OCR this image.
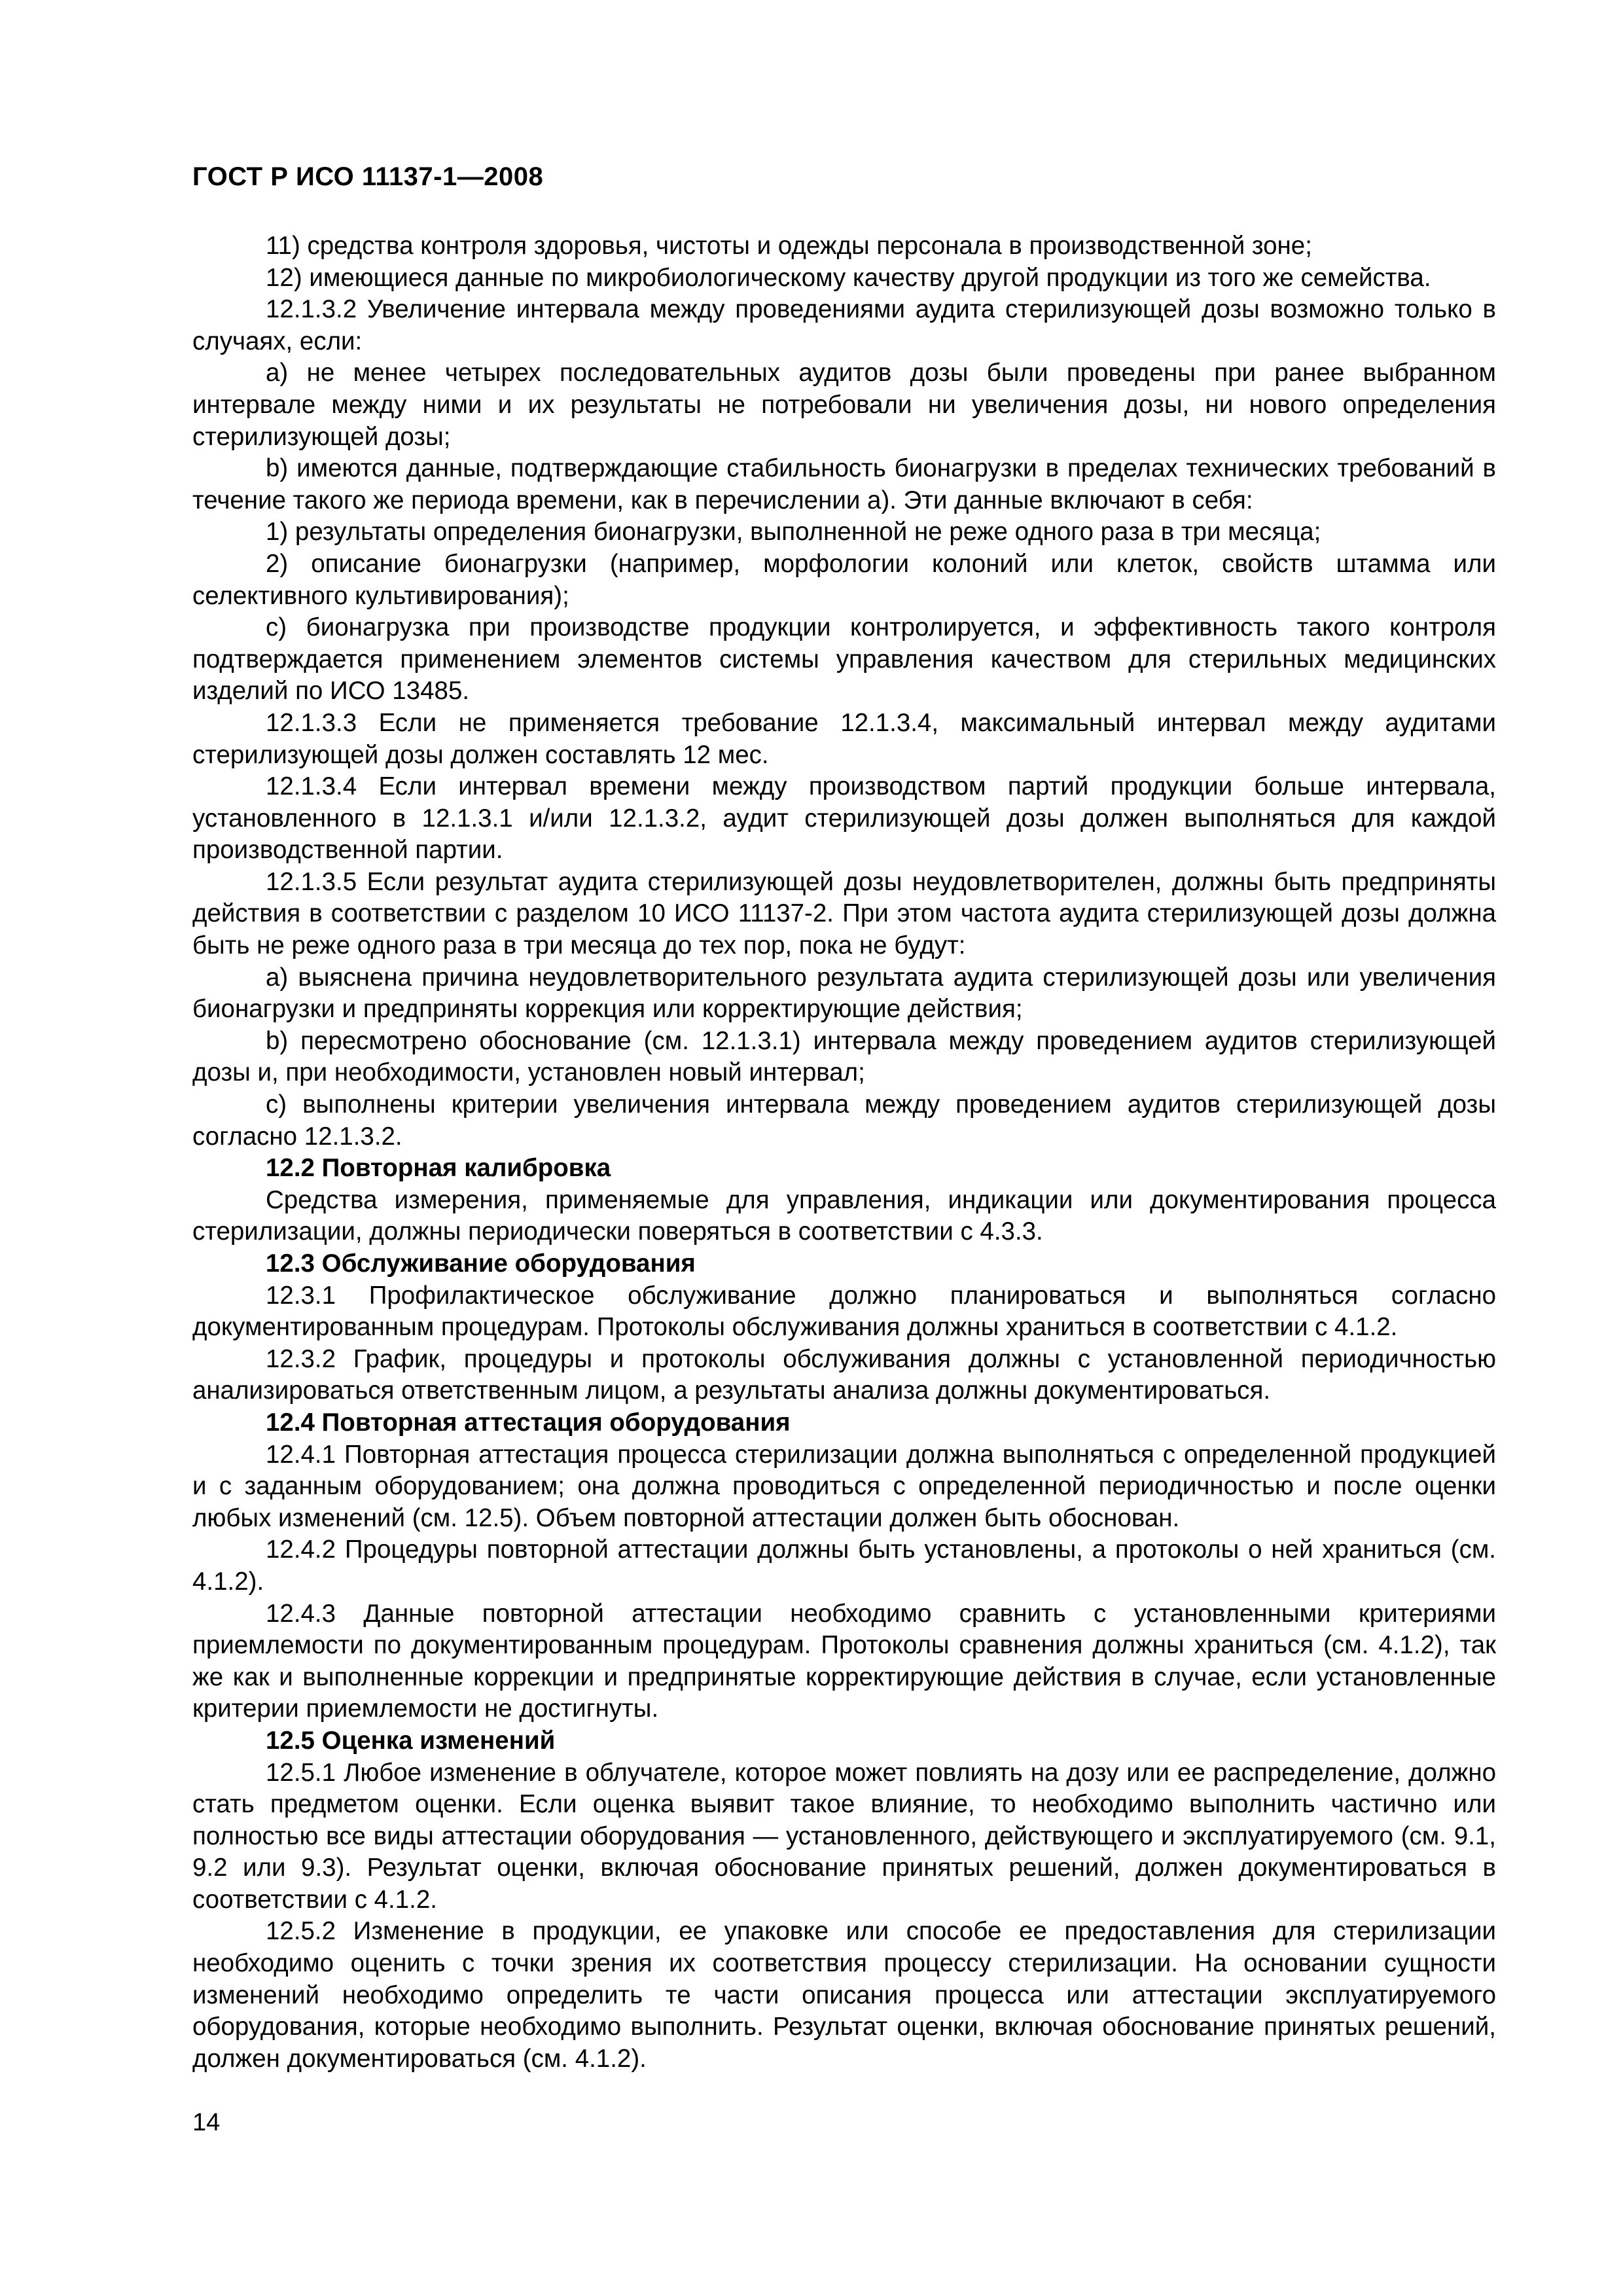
ГОСТ Р ИСО 11137-1—2008

11) средства контроля здоровья, чистоты и одежды персонала в производственной зоне;

12) имеющиеся данные по микробиологическому качеству другой продукции из того же семейства.

12.1.3.2 Увеличение интервала между проведениями аудита стерилизующей дозы возможно только в случаях, если:

a) не менее четырех последовательных аудитов дозы были проведены при ранее выбранном интервале между ними и их результаты не потребовали ни увеличения дозы, ни нового определения стерилизующей дозы;

b) имеются данные, подтверждающие стабильность бионагрузки в пределах технических требований в течение такого же периода времени, как в перечислении а). Эти данные включают в себя:

1) результаты определения бионагрузки, выполненной не реже одного раза в три месяца;

2) описание бионагрузки (например, морфологии колоний или клеток, свойств штамма или селективного культивирования);

c) бионагрузка при производстве продукции контролируется, и эффективность такого контроля подтверждается применением элементов системы управления качеством для стерильных медицинских изделий по ИСО 13485.

12.1.3.3 Если не применяется требование 12.1.3.4, максимальный интервал между аудитами стерилизующей дозы должен составлять 12 мес.

12.1.3.4 Если интервал времени между производством партий продукции больше интервала, установленного в 12.1.3.1 и/или 12.1.3.2, аудит стерилизующей дозы должен выполняться для каждой производственной партии.

12.1.3.5 Если результат аудита стерилизующей дозы неудовлетворителен, должны быть предприняты действия в соответствии с разделом 10 ИСО 11137-2. При этом частота аудита стерилизующей дозы должна быть не реже одного раза в три месяца до тех пор, пока не будут:

a) выяснена причина неудовлетворительного результата аудита стерилизующей дозы или увеличения бионагрузки и предприняты коррекция или корректирующие действия;

b) пересмотрено обоснование (см. 12.1.3.1) интервала между проведением аудитов стерилизующей дозы и, при необходимости, установлен новый интервал;

c) выполнены критерии увеличения интервала между проведением аудитов стерилизующей дозы согласно 12.1.3.2.

12.2 Повторная калибровка

Средства измерения, применяемые для управления, индикации или документирования процесса стерилизации, должны периодически поверяться в соответствии с 4.3.3.

12.3 Обслуживание оборудования

12.3.1 Профилактическое обслуживание должно планироваться и выполняться согласно документированным процедурам. Протоколы обслуживания должны храниться в соответствии с 4.1.2.

12.3.2 График, процедуры и протоколы обслуживания должны с установленной периодичностью анализироваться ответственным лицом, а результаты анализа должны документироваться.

12.4 Повторная аттестация оборудования

12.4.1 Повторная аттестация процесса стерилизации должна выполняться с определенной продукцией и с заданным оборудованием; она должна проводиться с определенной периодичностью и после оценки любых изменений (см. 12.5). Объем повторной аттестации должен быть обоснован.

12.4.2 Процедуры повторной аттестации должны быть установлены, а протоколы о ней храниться (см. 4.1.2).

12.4.3 Данные повторной аттестации необходимо сравнить с установленными критериями приемлемости по документированным процедурам. Протоколы сравнения должны храниться (см. 4.1.2), так же как и выполненные коррекции и предпринятые корректирующие действия в случае, если установленные критерии приемлемости не достигнуты.

12.5 Оценка изменений

12.5.1 Любое изменение в облучателе, которое может повлиять на дозу или ее распределение, должно стать предметом оценки. Если оценка выявит такое влияние, то необходимо выполнить частично или полностью все виды аттестации оборудования — установленного, действующего и эксплуатируемого (см. 9.1, 9.2 или 9.3). Результат оценки, включая обоснование принятых решений, должен документироваться в соответствии с 4.1.2.

12.5.2 Изменение в продукции, ее упаковке или способе ее предоставления для стерилизации необходимо оценить с точки зрения их соответствия процессу стерилизации. На основании сущности изменений необходимо определить те части описания процесса или аттестации эксплуатируемого оборудования, которые необходимо выполнить. Результат оценки, включая обоснование принятых решений, должен документироваться (см. 4.1.2).

14
